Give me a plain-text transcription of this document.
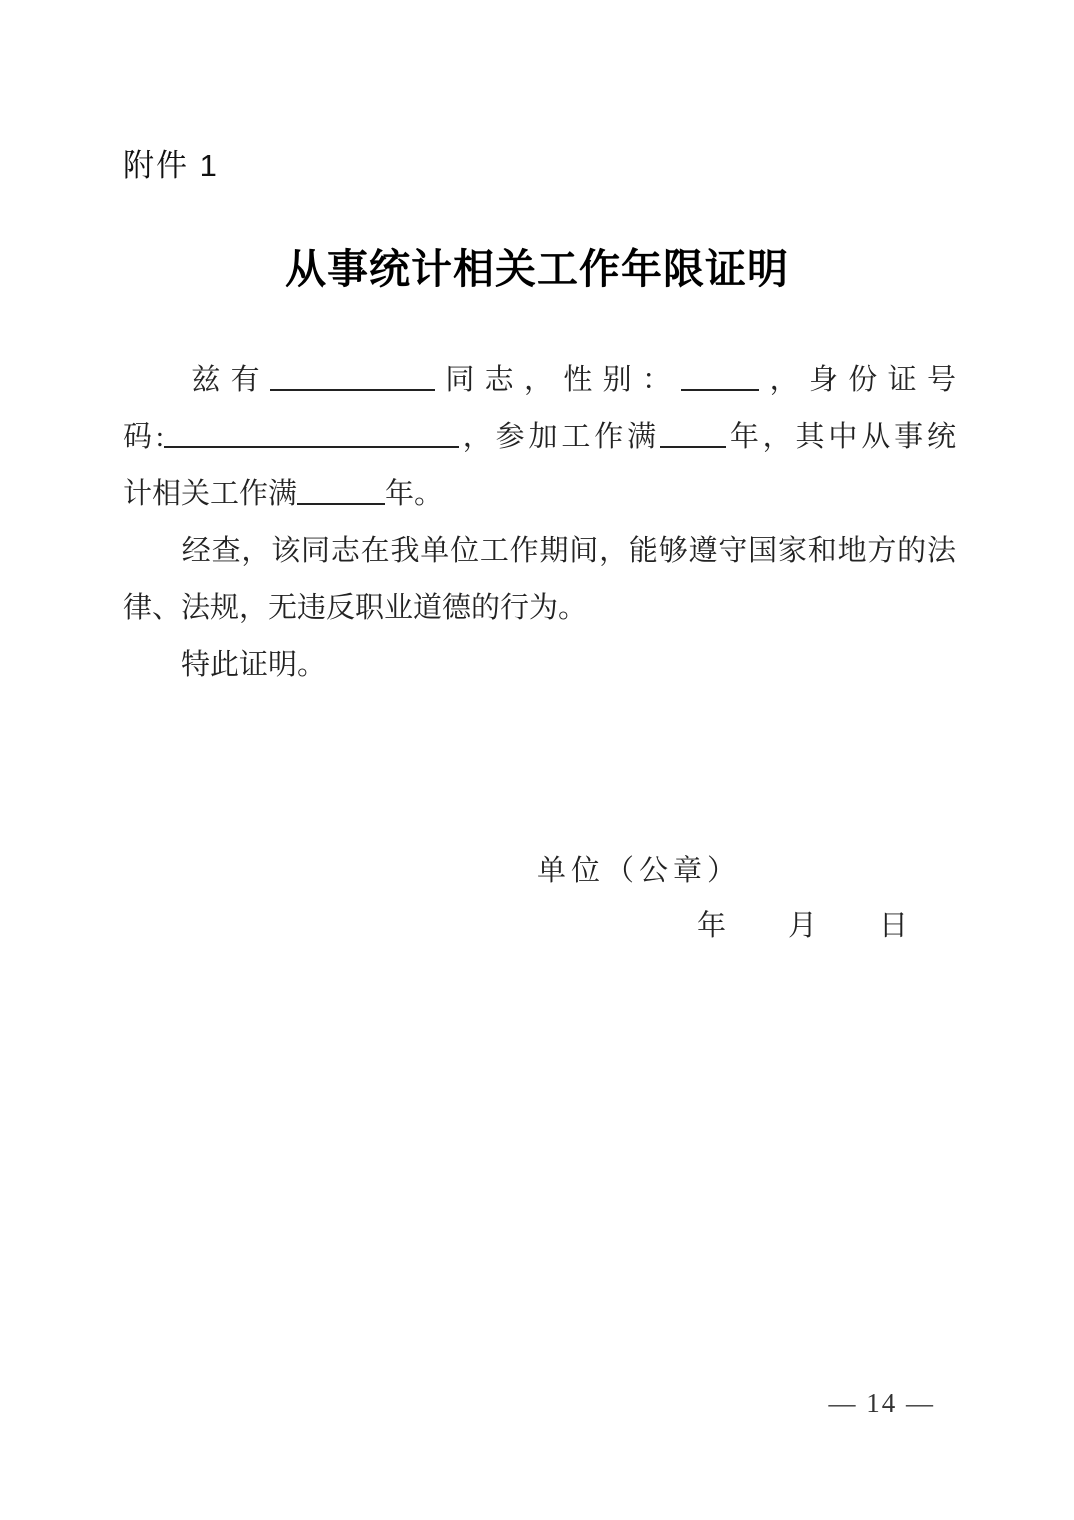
附件 1
从事统计相关工作年限证明
兹有	同志，性别：	，身份证号
码:	，参加工作满 年，其中从事统
计相关工作满	年。
经查，该同志在我单位工作期间，能够遵守国家和地方的法
律、法规，无违反职业道德的行为。
特此证明。
单位（公章）
年 月 日
— 14 —
